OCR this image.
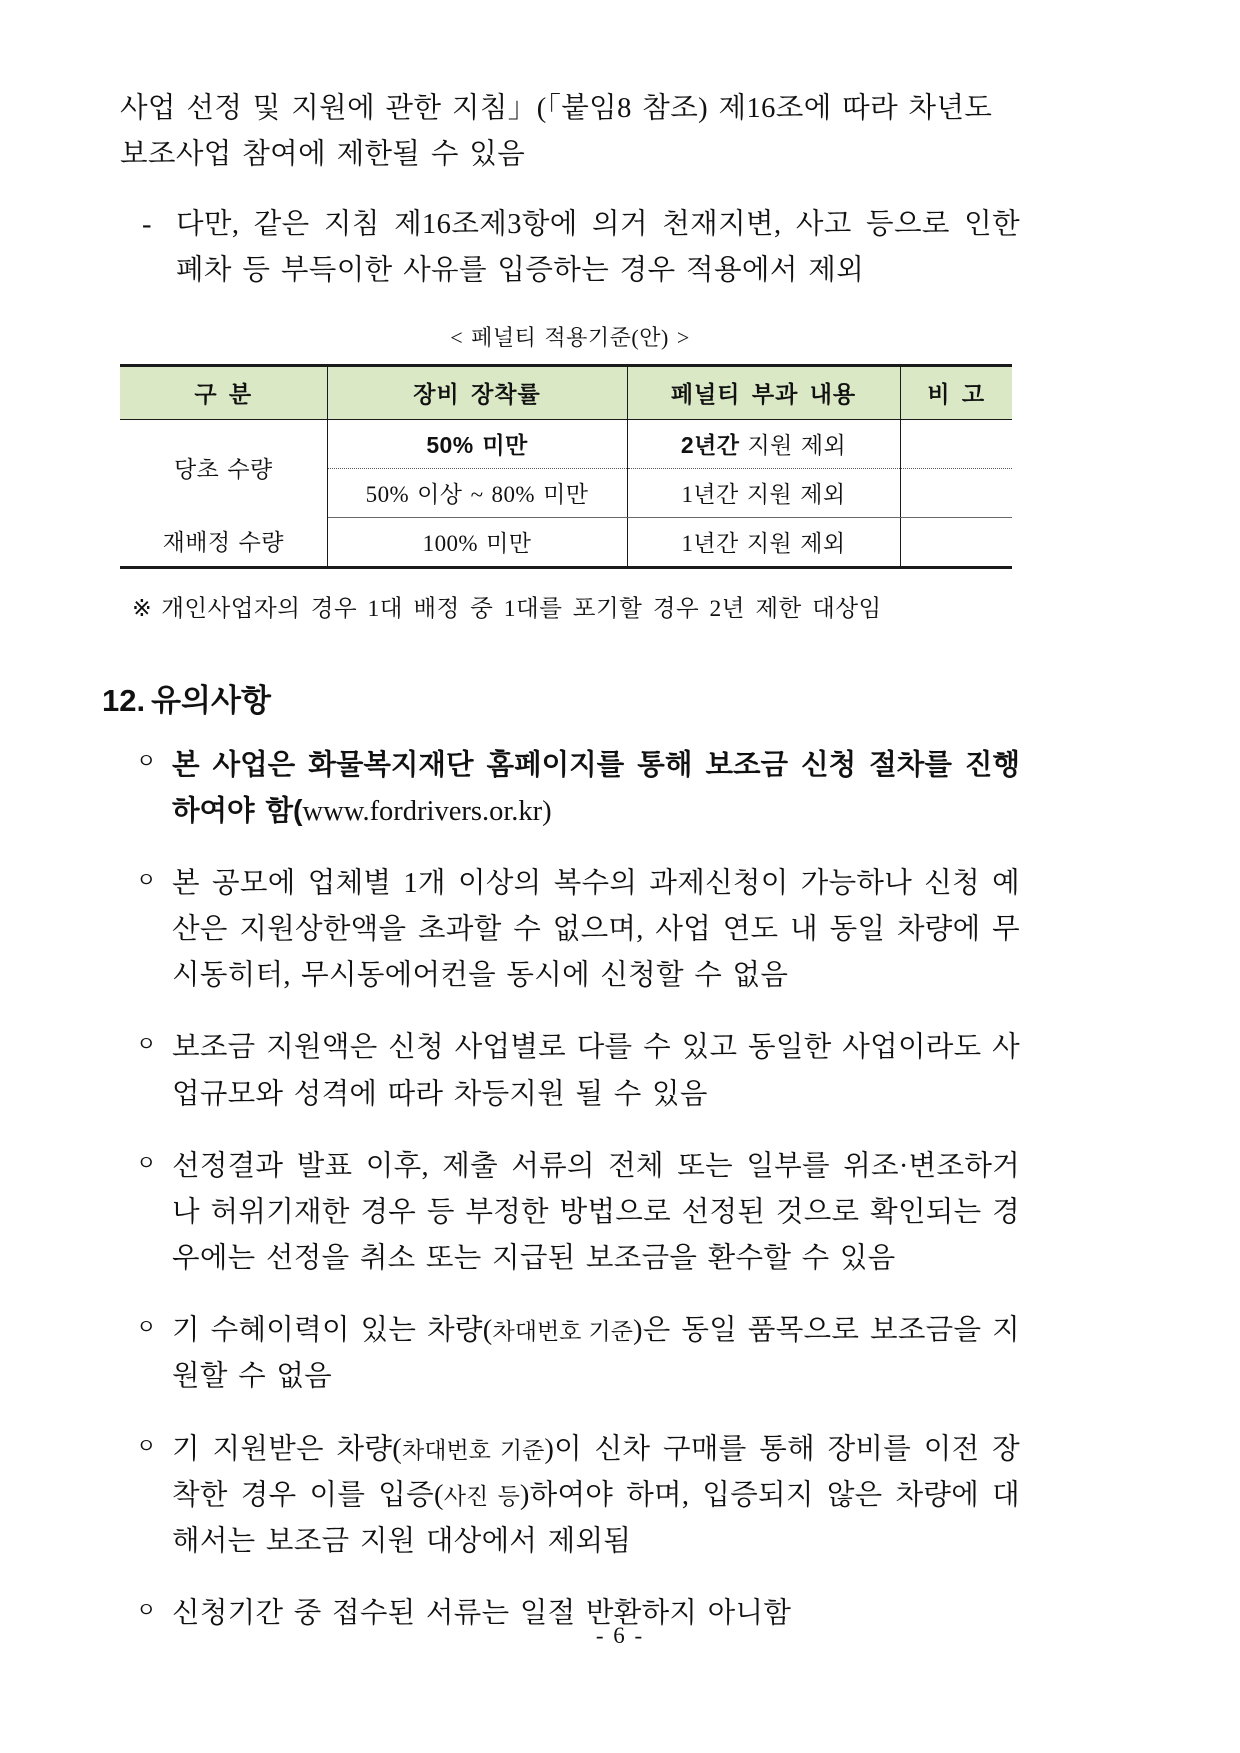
사업 선정 및 지원에 관한 지침」(「붙임8 참조) 제16조에 따라 차년도
보조사업 참여에 제한될 수 있음
- 다만, 같은 지침 제16조제3항에 의거 천재지변, 사고 등으로 인한 폐차 등 부득이한 사유를 입증하는 경우 적용에서 제외
< 페널티 적용기준(안) >
구 분	장비 장착률	페널티 부과 내용	비 고
당초 수량	50% 미만	2년간 지원 제외	
	50% 이상 ~ 80% 미만	1년간 지원 제외	
재배정 수량	100% 미만	1년간 지원 제외	
※ 개인사업자의 경우 1대 배정 중 1대를 포기할 경우 2년 제한 대상임
12. 유의사항
ㅇ 본 사업은 화물복지재단 홈페이지를 통해 보조금 신청 절차를 진행하여야 함(www.fordrivers.or.kr)
ㅇ 본 공모에 업체별 1개 이상의 복수의 과제신청이 가능하나 신청 예산은 지원상한액을 초과할 수 없으며, 사업 연도 내 동일 차량에 무시동히터, 무시동에어컨을 동시에 신청할 수 없음
ㅇ 보조금 지원액은 신청 사업별로 다를 수 있고 동일한 사업이라도 사업규모와 성격에 따라 차등지원 될 수 있음
ㅇ 선정결과 발표 이후, 제출 서류의 전체 또는 일부를 위조·변조하거나 허위기재한 경우 등 부정한 방법으로 선정된 것으로 확인되는 경우에는 선정을 취소 또는 지급된 보조금을 환수할 수 있음
ㅇ 기 수혜이력이 있는 차량(차대번호 기준)은 동일 품목으로 보조금을 지원할 수 없음
ㅇ 기 지원받은 차량(차대번호 기준)이 신차 구매를 통해 장비를 이전 장착한 경우 이를 입증(사진 등)하여야 하며, 입증되지 않은 차량에 대해서는 보조금 지원 대상에서 제외됨
ㅇ 신청기간 중 접수된 서류는 일절 반환하지 아니함
- 6 -
